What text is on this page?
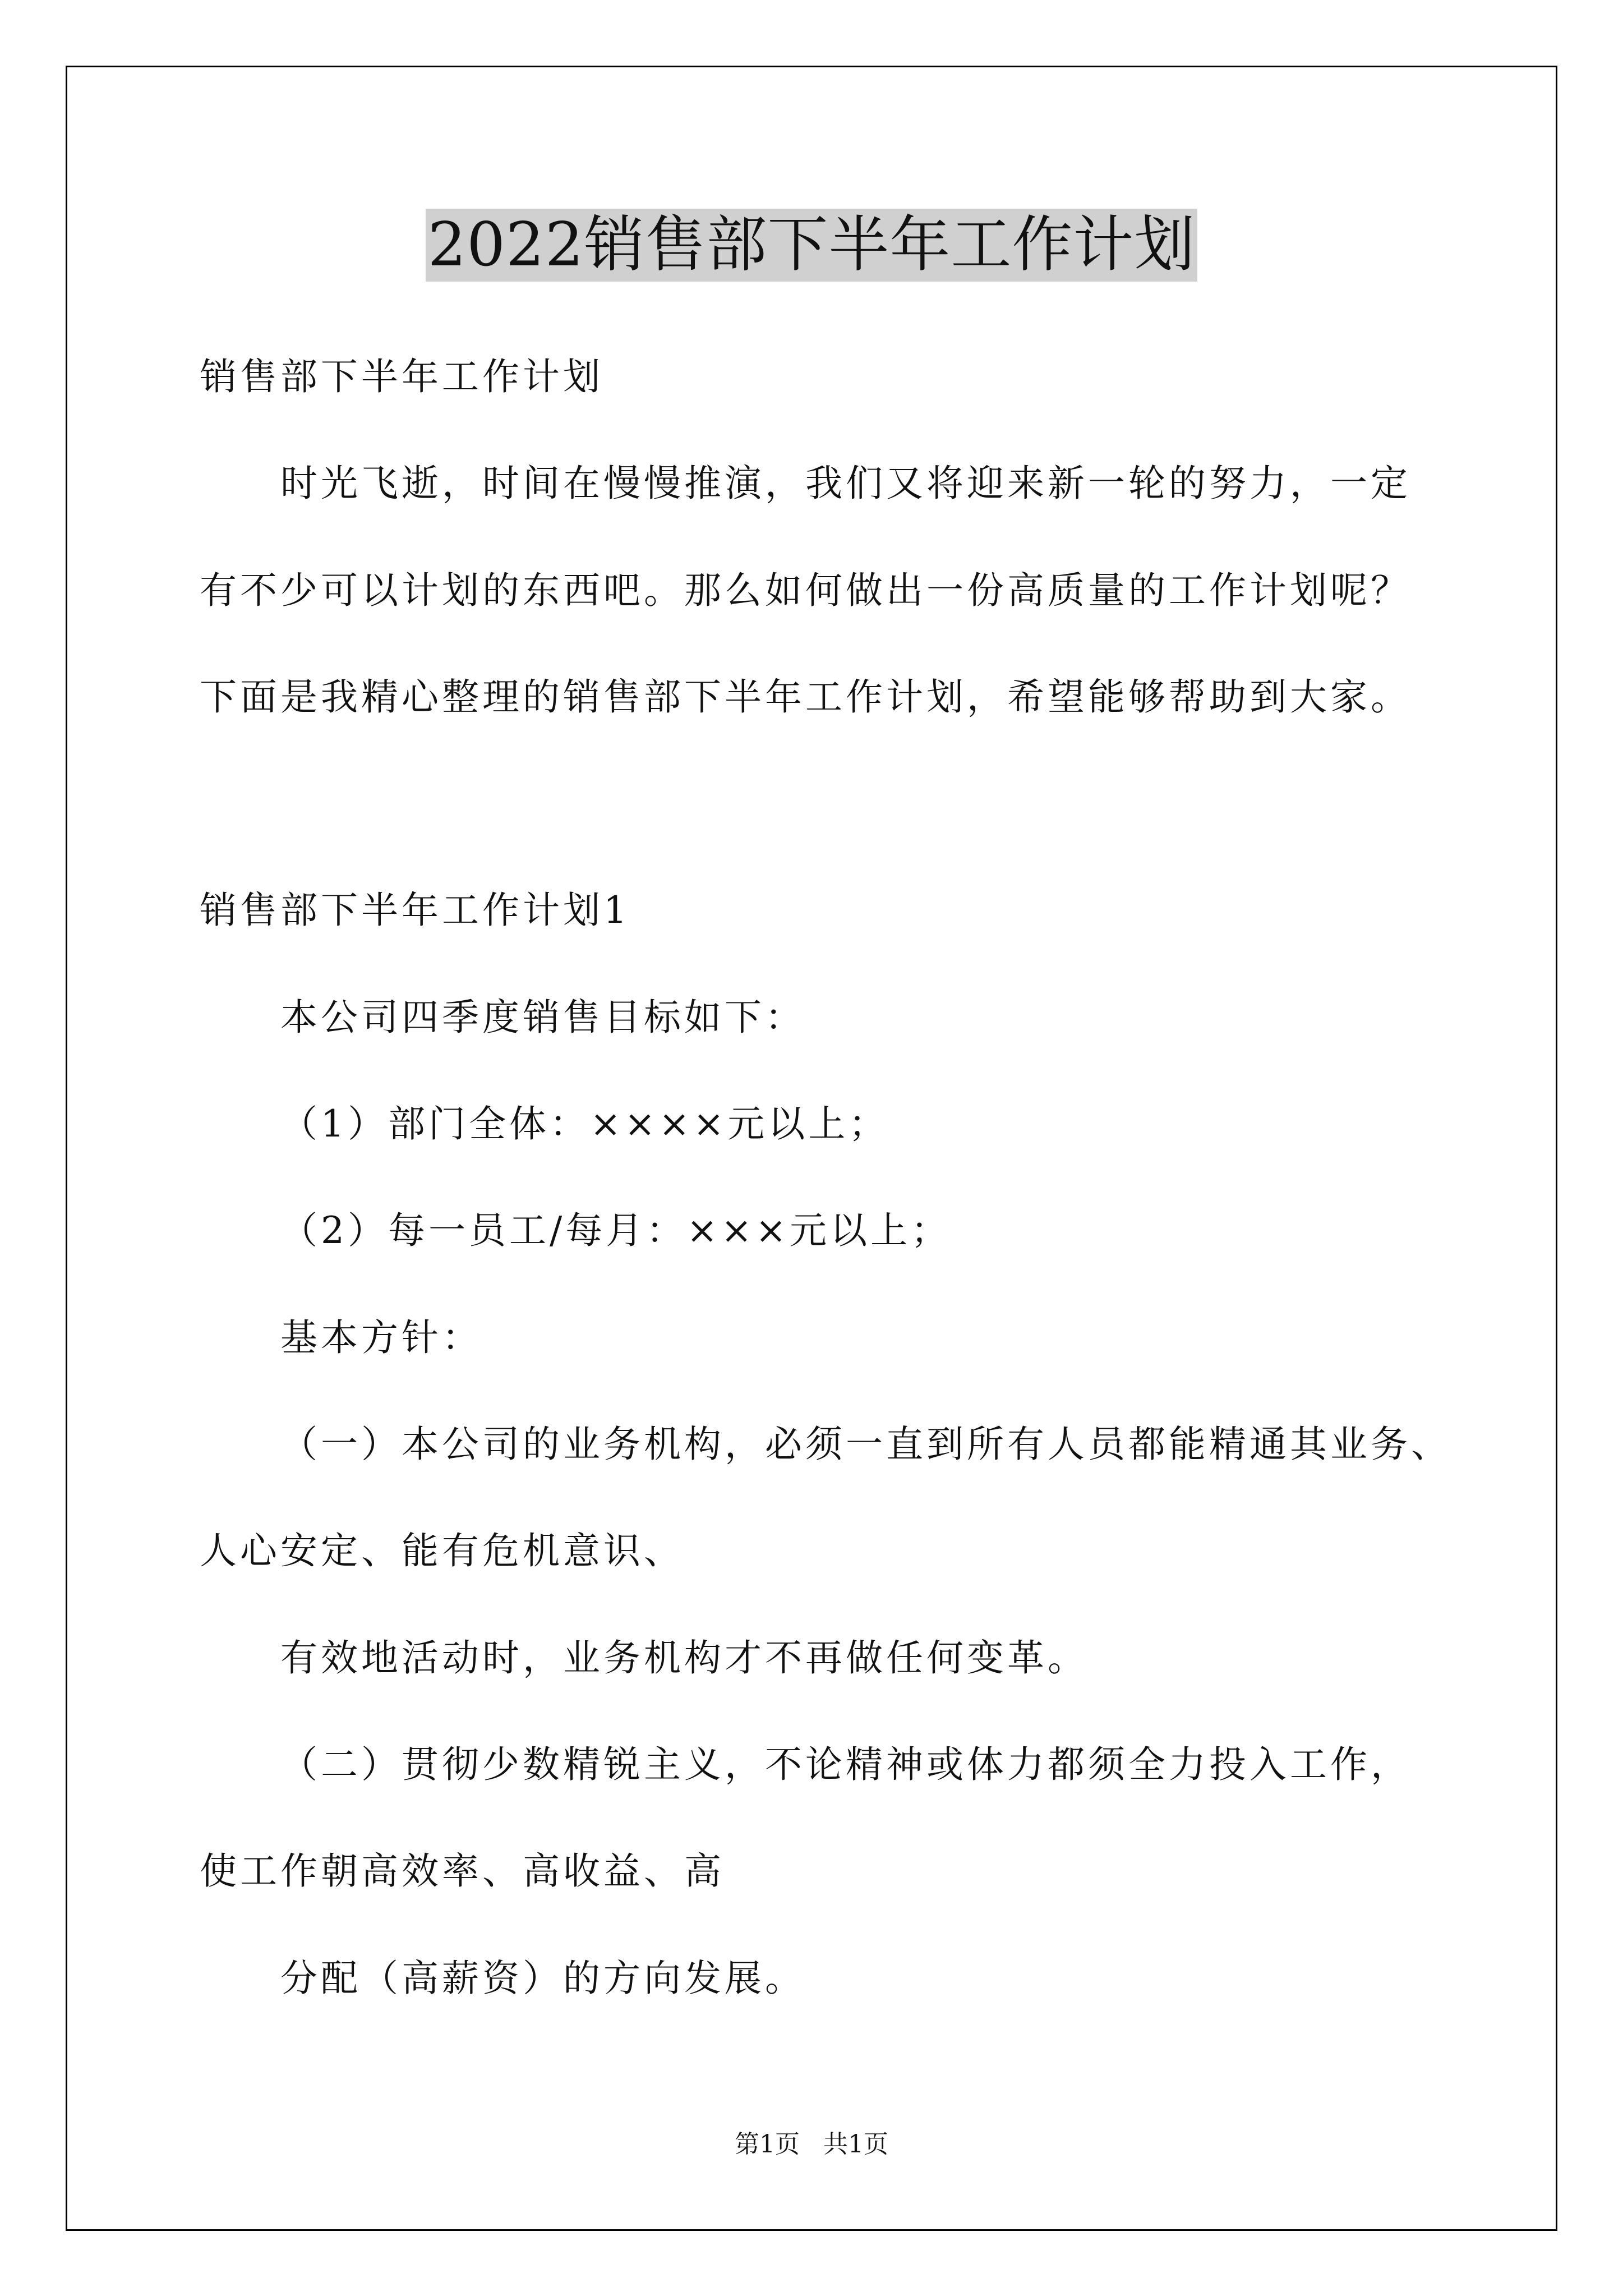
2022销售部下半年工作计划
销售部下半年工作计划
时光飞逝，时间在慢慢推演，我们又将迎来新一轮的努力，一定
有不少可以计划的东西吧。那么如何做出一份高质量的工作计划呢？
下面是我精心整理的销售部下半年工作计划，希望能够帮助到大家。
销售部下半年工作计划1
本公司四季度销售目标如下：
（1）部门全体：××××元以上；
（2）每一员工/每月：×××元以上；
基本方针：
（一）本公司的业务机构，必须一直到所有人员都能精通其业务、
人心安定、能有危机意识、
有效地活动时，业务机构才不再做任何变革。
（二）贯彻少数精锐主义，不论精神或体力都须全力投入工作，
使工作朝高效率、高收益、高
分配（高薪资）的方向发展。
第1页   共1页
